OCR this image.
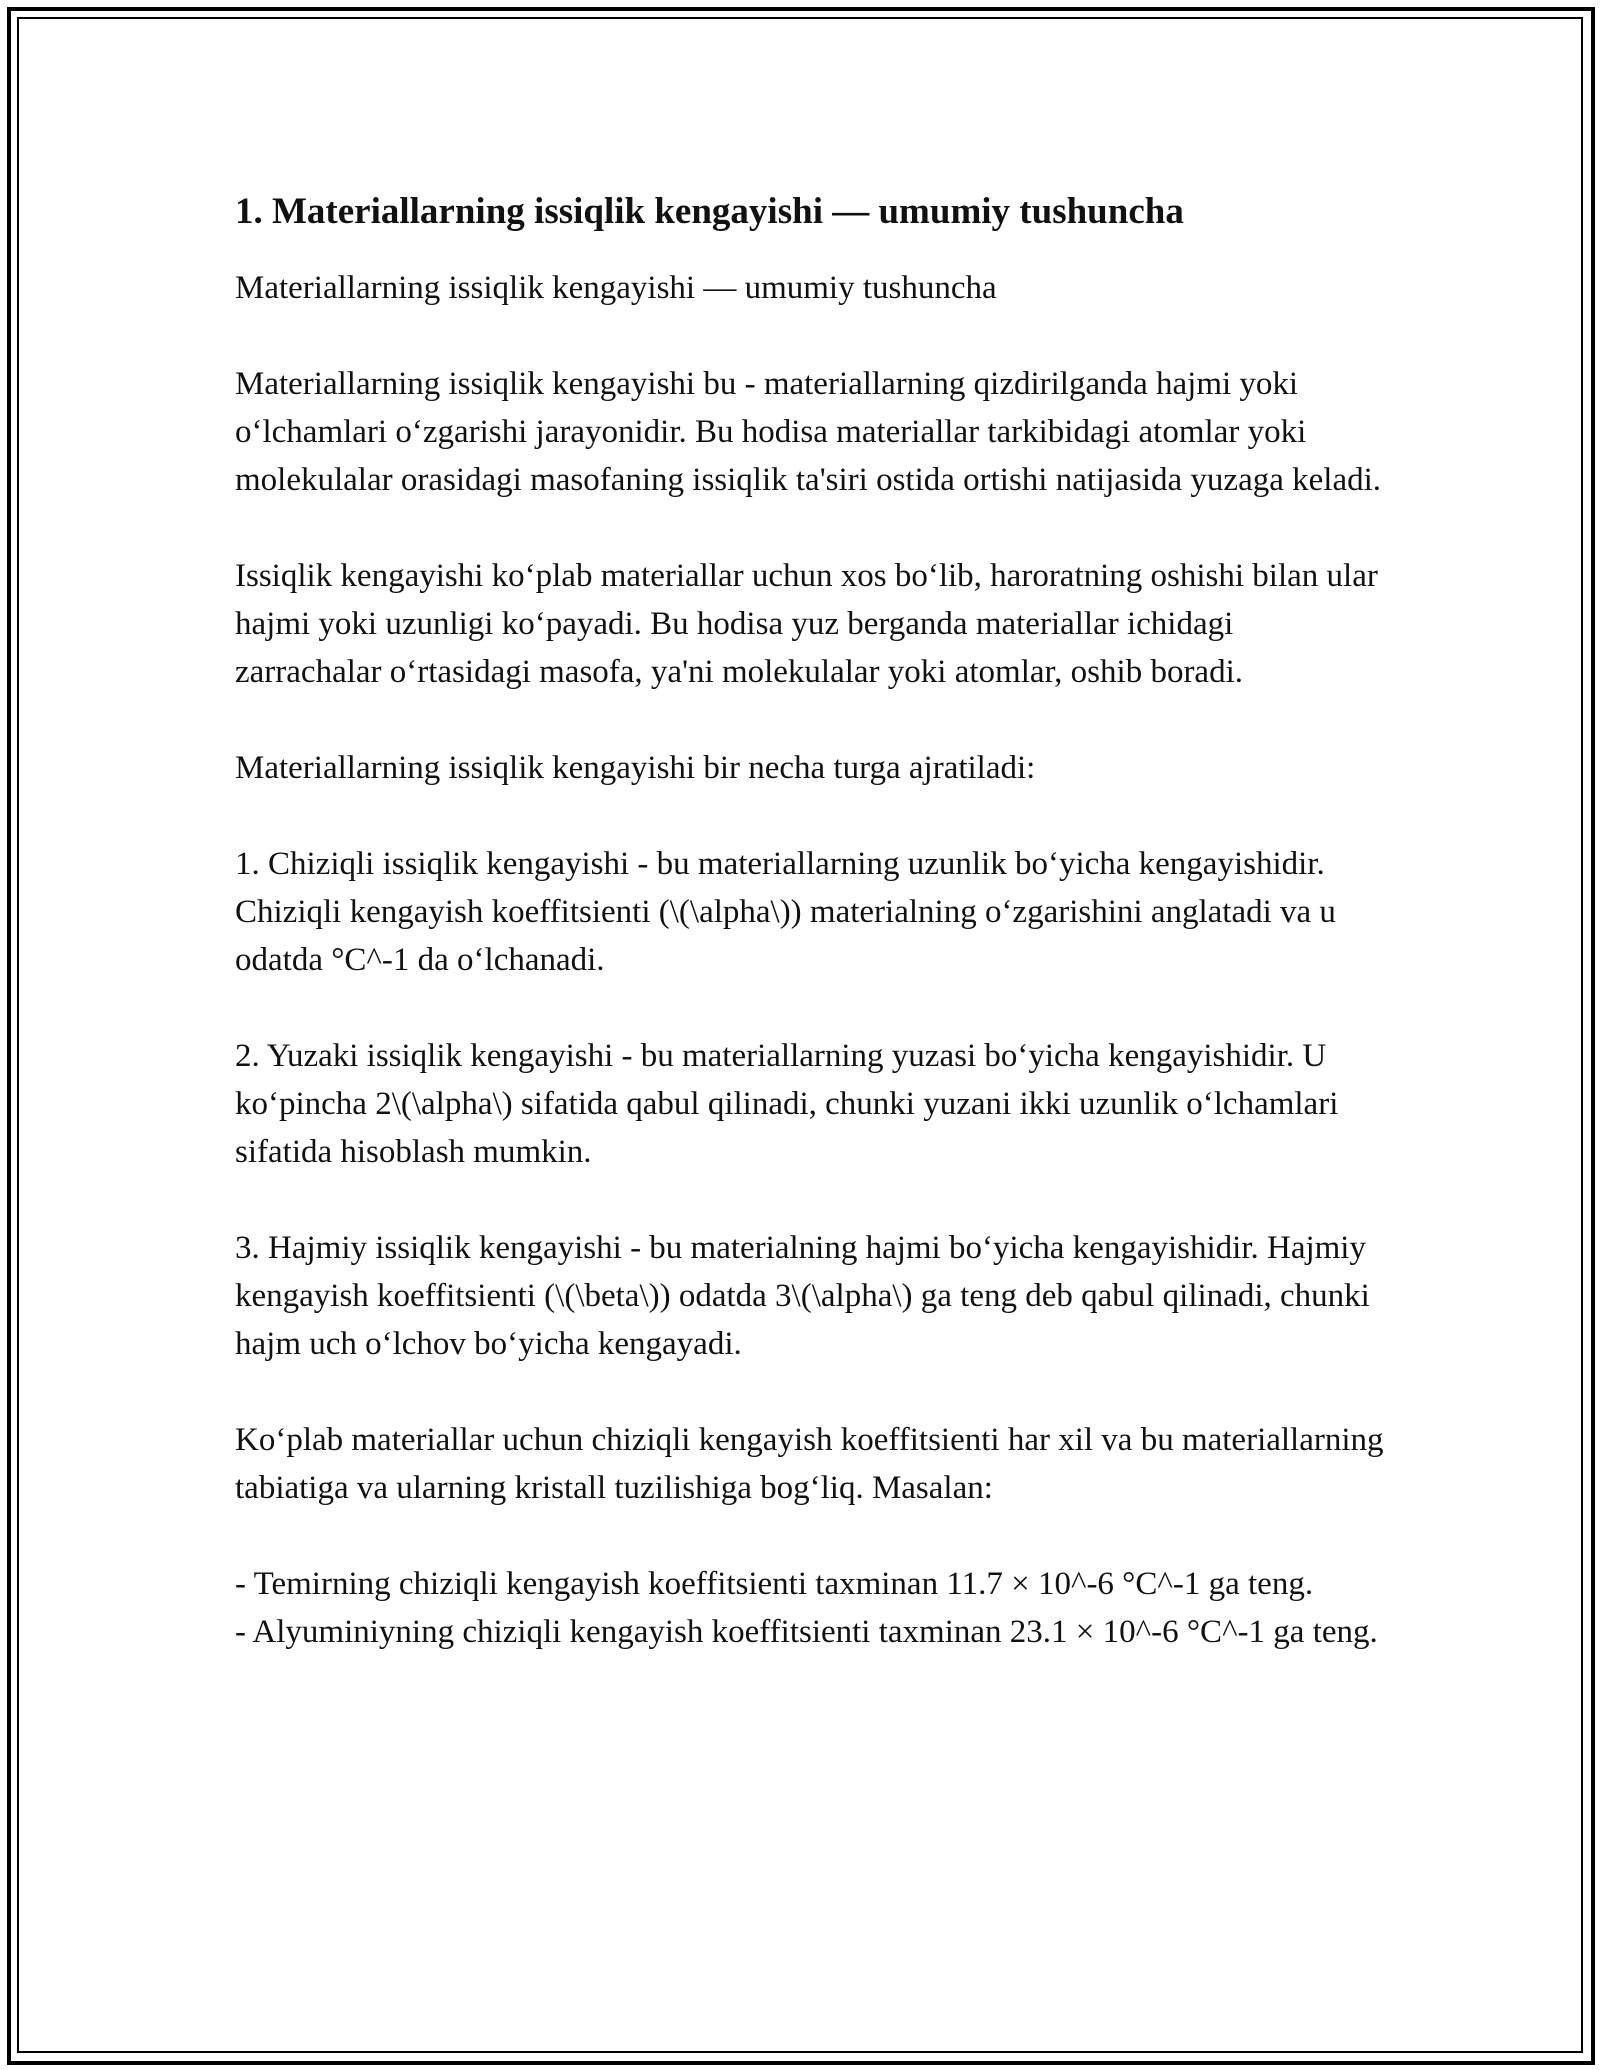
1. Materiallarning issiqlik kengayishi — umumiy tushuncha
Materiallarning issiqlik kengayishi — umumiy tushuncha

Materiallarning issiqlik kengayishi bu - materiallarning qizdirilganda hajmi yoki o‘lchamlari o‘zgarishi jarayonidir. Bu hodisa materiallar tarkibidagi atomlar yoki molekulalar orasidagi masofaning issiqlik ta'siri ostida ortishi natijasida yuzaga keladi.

Issiqlik kengayishi ko‘plab materiallar uchun xos bo‘lib, haroratning oshishi bilan ular hajmi yoki uzunligi ko‘payadi. Bu hodisa yuz berganda materiallar ichidagi zarrachalar o‘rtasidagi masofa, ya'ni molekulalar yoki atomlar, oshib boradi.

Materiallarning issiqlik kengayishi bir necha turga ajratiladi:

1. Chiziqli issiqlik kengayishi - bu materiallarning uzunlik bo‘yicha kengayishidir. Chiziqli kengayish koeffitsienti (\(\alpha\)) materialning o‘zgarishini anglatadi va u odatda °C^-1 da o‘lchanadi.

2. Yuzaki issiqlik kengayishi - bu materiallarning yuzasi bo‘yicha kengayishidir. U ko‘pincha 2\(\alpha\) sifatida qabul qilinadi, chunki yuzani ikki uzunlik o‘lchamlari sifatida hisoblash mumkin.

3. Hajmiy issiqlik kengayishi - bu materialning hajmi bo‘yicha kengayishidir. Hajmiy kengayish koeffitsienti (\(\beta\)) odatda 3\(\alpha\) ga teng deb qabul qilinadi, chunki hajm uch o‘lchov bo‘yicha kengayadi.

Ko‘plab materiallar uchun chiziqli kengayish koeffitsienti har xil va bu materiallarning tabiatiga va ularning kristall tuzilishiga bog‘liq. Masalan:

- Temirning chiziqli kengayish koeffitsienti taxminan 11.7 × 10^-6 °C^-1 ga teng.

- Alyuminiyning chiziqli kengayish koeffitsienti taxminan 23.1 × 10^-6 °C^-1 ga teng.
